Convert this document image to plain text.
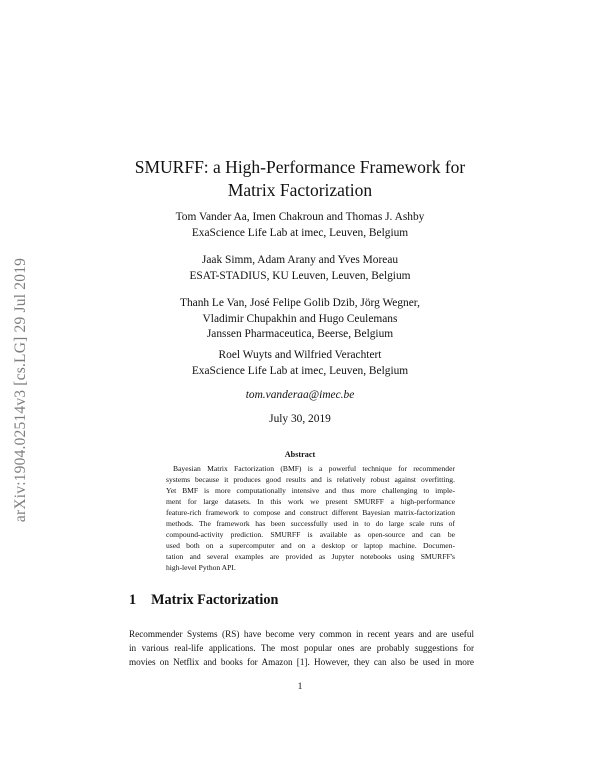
arXiv:1904.02514v3 [cs.LG] 29 Jul 2019
SMURFF: a High-Performance Framework for
Matrix Factorization
Tom Vander Aa, Imen Chakroun and Thomas J. Ashby
ExaScience Life Lab at imec, Leuven, Belgium
Jaak Simm, Adam Arany and Yves Moreau
ESAT-STADIUS, KU Leuven, Leuven, Belgium
Thanh Le Van, José Felipe Golib Dzib, Jörg Wegner,
Vladimir Chupakhin and Hugo Ceulemans
Janssen Pharmaceutica, Beerse, Belgium
Roel Wuyts and Wilfried Verachtert
ExaScience Life Lab at imec, Leuven, Belgium
tom.vanderaa@imec.be
July 30, 2019
Abstract
Bayesian Matrix Factorization (BMF) is a powerful technique for recommender
systems because it produces good results and is relatively robust against overfitting.
Yet BMF is more computationally intensive and thus more challenging to imple-
ment for large datasets. In this work we present SMURFF a high-performance
feature-rich framework to compose and construct different Bayesian matrix-factorization
methods. The framework has been successfully used in to do large scale runs of
compound-activity prediction. SMURFF is available as open-source and can be
used both on a supercomputer and on a desktop or laptop machine. Documen-
tation and several examples are provided as Jupyter notebooks using SMURFF's
high-level Python API.
1 Matrix Factorization
Recommender Systems (RS) have become very common in recent years and are useful
in various real-life applications. The most popular ones are probably suggestions for
movies on Netflix and books for Amazon [1]. However, they can also be used in more
1
